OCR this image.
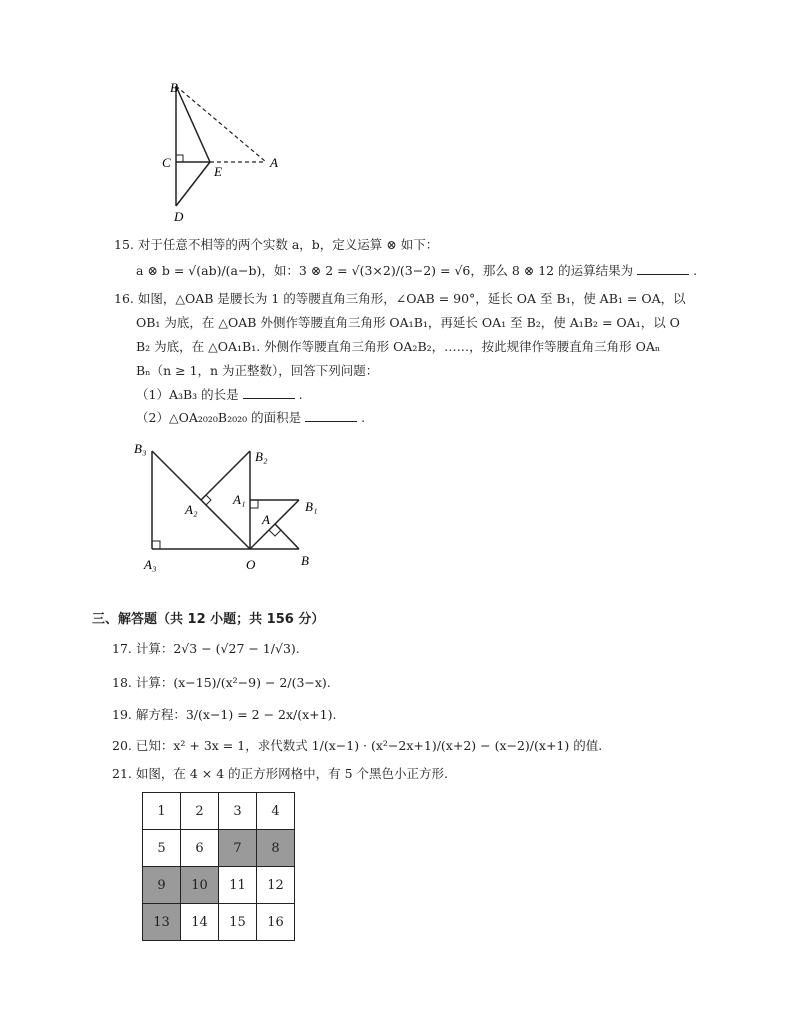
B
C
E
A
D
15. 对于任意不相等的两个实数 a，b，定义运算 ⊗ 如下：
a ⊗ b = √(ab)/(a−b)，如：3 ⊗ 2 = √(3×2)/(3−2) = √6，那么 8 ⊗ 12 的运算结果为	.
16. 如图，△OAB 是腰长为 1 的等腰直角三角形，∠OAB = 90°，延长 OA 至 B₁，使 AB₁ = OA，以
OB₁ 为底，在 △OAB 外侧作等腰直角三角形 OA₁B₁，再延长 OA₁ 至 B₂，使 A₁B₂ = OA₁，以 O
B₂ 为底，在 △OA₁B₁. 外侧作等腰直角三角形 OA₂B₂，……，按此规律作等腰直角三角形 OAₙ
Bₙ（n ≥ 1，n 为正整数），回答下列问题：
（1）A₃B₃ 的长是	.
（2）△OA₂₀₂₀B₂₀₂₀ 的面积是	.
B₃
B₂
A₂
A₁	B₁
A
A₃	O	B
三、解答题（共 12 小题；共 156 分）
17. 计算：2√3 − (√27 − 1/√3).
18. 计算：(x−15)/(x²−9) − 2/(3−x).
19. 解方程：3/(x−1) = 2 − 2x/(x+1).
20. 已知：x² + 3x = 1，求代数式 1/(x−1) · (x²−2x+1)/(x+2) − (x−2)/(x+1) 的值.
21. 如图，在 4 × 4 的正方形网格中，有 5 个黑色小正方形.
1	2	3	4
5	6	7	8
9	10	11	12
13	14	15	16
